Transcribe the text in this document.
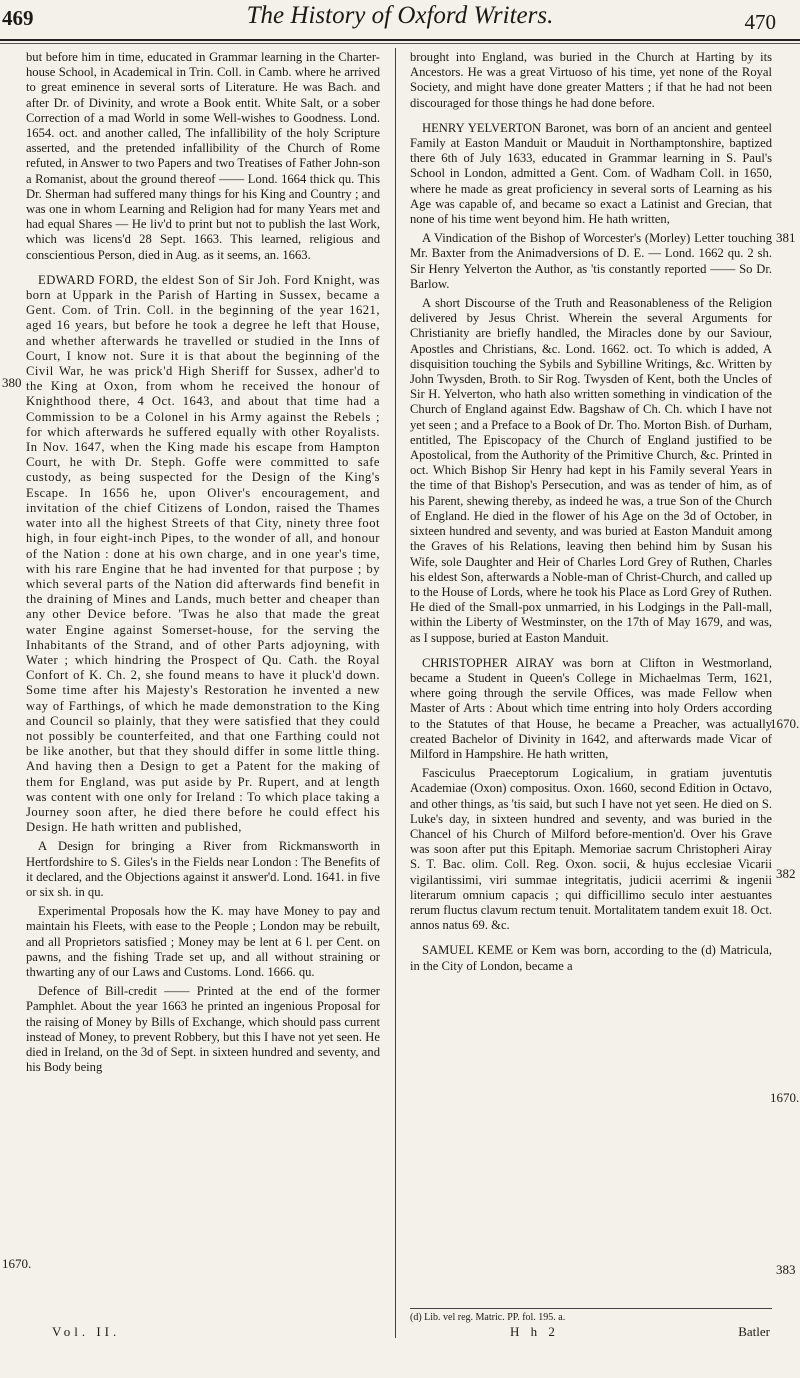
469	The History of Oxford Writers.	470
380
1670.
381
1670.
382
1670.
383

but before him in time, educated in Grammar learning in the Charter-house School, in Academical in Trin. Coll. in Camb. where he arrived to great eminence in several sorts of Literature. He was Bach. and after Dr. of Divinity, and wrote a Book entit. White Salt, or a sober Correction of a mad World in some Well-wishes to Goodness. Lond. 1654. oct. and another called, The infallibility of the holy Scripture asserted, and the pretended infallibility of the Church of Rome refuted, in Answer to two Papers and two Treatises of Father John-son a Romanist, about the ground thereof —— Lond. 1664 thick qu. This Dr. Sherman had suffered many things for his King and Country ; and was one in whom Learning and Religion had for many Years met and had equal Shares — He liv'd to print but not to publish the last Work, which was licens'd 28 Sept. 1663. This learned, religious and conscientious Person, died in Aug. as it seems, an. 1663.

EDWARD FORD, the eldest Son of Sir Joh. Ford Knight, was born at Uppark in the Parish of Harting in Sussex, became a Gent. Com. of Trin. Coll. in the beginning of the year 1621, aged 16 years, but before he took a degree he left that House, and whether afterwards he travelled or studied in the Inns of Court, I know not. Sure it is that about the beginning of the Civil War, he was prick'd High Sheriff for Sussex, adher'd to the King at Oxon, from whom he received the honour of Knighthood there, 4 Oct. 1643, and about that time had a Commission to be a Colonel in his Army against the Rebels ; for which afterwards he suffered equally with other Royalists. In Nov. 1647, when the King made his escape from Hampton Court, he with Dr. Steph. Goffe were committed to safe custody, as being suspected for the Design of the King's Escape. In 1656 he, upon Oliver's encouragement, and invitation of the chief Citizens of London, raised the Thames water into all the highest Streets of that City, ninety three foot high, in four eight-inch Pipes, to the wonder of all, and honour of the Nation : done at his own charge, and in one year's time, with his rare Engine that he had invented for that purpose ; by which several parts of the Nation did afterwards find benefit in the draining of Mines and Lands, much better and cheaper than any other Device before. 'Twas he also that made the great water Engine against Somerset-house, for the serving the Inhabitants of the Strand, and of other Parts adjoyning, with Water ; which hindring the Prospect of Qu. Cath. the Royal Confort of K. Ch. 2, she found means to have it pluck'd down. Some time after his Majesty's Restoration he invented a new way of Farthings, of which he made demonstration to the King and Council so plainly, that they were satisfied that they could not possibly be counterfeited, and that one Farthing could not be like another, but that they should differ in some little thing. And having then a Design to get a Patent for the making of them for England, was put aside by Pr. Rupert, and at length was content with one only for Ireland : To which place taking a Journey soon after, he died there before he could effect his Design. He hath written and published,

A Design for bringing a River from Rickmansworth in Hertfordshire to S. Giles's in the Fields near London : The Benefits of it declared, and the Objections against it answer'd. Lond. 1641. in five or six sh. in qu.

Experimental Proposals how the K. may have Money to pay and maintain his Fleets, with ease to the People ; London may be rebuilt, and all Proprietors satisfied ; Money may be lent at 6 l. per Cent. on pawns, and the fishing Trade set up, and all without straining or thwarting any of our Laws and Customs. Lond. 1666. qu.

Defence of Bill-credit —— Printed at the end of the former Pamphlet. About the year 1663 he printed an ingenious Proposal for the raising of Money by Bills of Exchange, which should pass current instead of Money, to prevent Robbery, but this I have not yet seen. He died in Ireland, on the 3d of Sept. in sixteen hundred and seventy, and his Body being

brought into England, was buried in the Church at Harting by its Ancestors. He was a great Virtuoso of his time, yet none of the Royal Society, and might have done greater Matters ; if that he had not been discouraged for those things he had done before.

HENRY YELVERTON Baronet, was born of an ancient and genteel Family at Easton Manduit or Mauduit in Northamptonshire, baptized there 6th of July 1633, educated in Grammar learning in S. Paul's School in London, admitted a Gent. Com. of Wadham Coll. in 1650, where he made as great proficiency in several sorts of Learning as his Age was capable of, and became so exact a Latinist and Grecian, that none of his time went beyond him. He hath written,

A Vindication of the Bishop of Worcester's (Morley) Letter touching Mr. Baxter from the Animadversions of D. E. — Lond. 1662 qu. 2 sh. Sir Henry Yelverton the Author, as 'tis constantly reported —— So Dr. Barlow.

A short Discourse of the Truth and Reasonableness of the Religion delivered by Jesus Christ. Wherein the several Arguments for Christianity are briefly handled, the Miracles done by our Saviour, Apostles and Christians, &c. Lond. 1662. oct. To which is added, A disquisition touching the Sybils and Sybilline Writings, &c. Written by John Twysden, Broth. to Sir Rog. Twysden of Kent, both the Uncles of Sir H. Yelverton, who hath also written something in vindication of the Church of England against Edw. Bagshaw of Ch. Ch. which I have not yet seen ; and a Preface to a Book of Dr. Tho. Morton Bish. of Durham, entitled, The Episcopacy of the Church of England justified to be Apostolical, from the Authority of the Primitive Church, &c. Printed in oct. Which Bishop Sir Henry had kept in his Family several Years in the time of that Bishop's Persecution, and was as tender of him, as of his Parent, shewing thereby, as indeed he was, a true Son of the Church of England. He died in the flower of his Age on the 3d of October, in sixteen hundred and seventy, and was buried at Easton Manduit among the Graves of his Relations, leaving then behind him by Susan his Wife, sole Daughter and Heir of Charles Lord Grey of Ruthen, Charles his eldest Son, afterwards a Noble-man of Christ-Church, and called up to the House of Lords, where he took his Place as Lord Grey of Ruthen. He died of the Small-pox unmarried, in his Lodgings in the Pall-mall, within the Liberty of Westminster, on the 17th of May 1679, and was, as I suppose, buried at Easton Manduit.

CHRISTOPHER AIRAY was born at Clifton in Westmorland, became a Student in Queen's College in Michaelmas Term, 1621, where going through the servile Offices, was made Fellow when Master of Arts : About which time entring into holy Orders according to the Statutes of that House, he became a Preacher, was actually created Bachelor of Divinity in 1642, and afterwards made Vicar of Milford in Hampshire. He hath written,

Fasciculus Praeceptorum Logicalium, in gratiam juventutis Academiae (Oxon) compositus. Oxon. 1660, second Edition in Octavo, and other things, as 'tis said, but such I have not yet seen. He died on S. Luke's day, in sixteen hundred and seventy, and was buried in the Chancel of his Church of Milford before-mention'd. Over his Grave was soon after put this Epitaph. Memoriae sacrum Christopheri Airay S. T. Bac. olim. Coll. Reg. Oxon. socii, & hujus ecclesiae Vicarii vigilantissimi, viri summae integritatis, judicii acerrimi & ingenii literarum omnium capacis ; qui difficillimo seculo inter aestuantes rerum fluctus clavum rectum tenuit. Mortalitatem tandem exuit 18. Oct. annos natus 69. &c.

SAMUEL KEME or Kem was born, according to the (d) Matricula, in the City of London, became a

Vol. II.
(d) Lib. vel reg. Matric. PP. fol. 195. a.
H h 2	Batler
